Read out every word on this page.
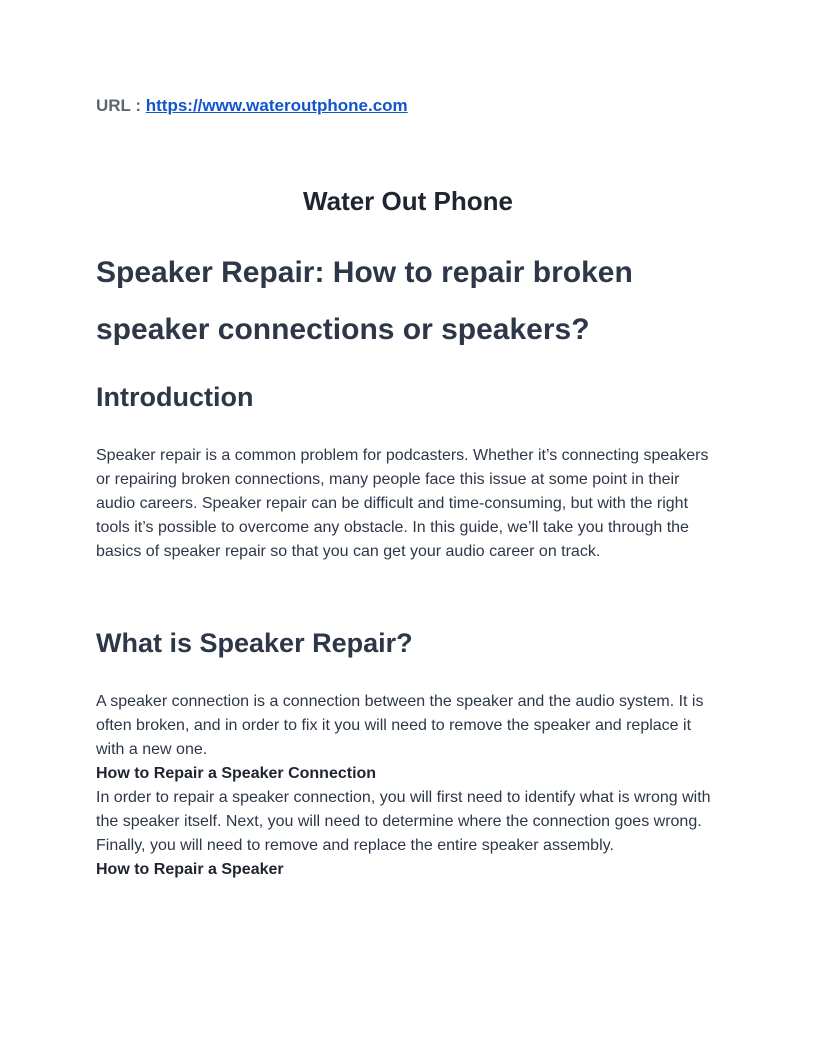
URL : https://www.wateroutphone.com
Water Out Phone
Speaker Repair: How to repair broken speaker connections or speakers?
Introduction

Speaker repair is a common problem for podcasters. Whether it’s connecting speakers or repairing broken connections, many people face this issue at some point in their audio careers. Speaker repair can be difficult and time-consuming, but with the right tools it’s possible to overcome any obstacle. In this guide, we’ll take you through the basics of speaker repair so that you can get your audio career on track.

What is Speaker Repair?

A speaker connection is a connection between the speaker and the audio system. It is often broken, and in order to fix it you will need to remove the speaker and replace it with a new one.

How to Repair a Speaker Connection

In order to repair a speaker connection, you will first need to identify what is wrong with the speaker itself. Next, you will need to determine where the connection goes wrong. Finally, you will need to remove and replace the entire speaker assembly.

How to Repair a Speaker
